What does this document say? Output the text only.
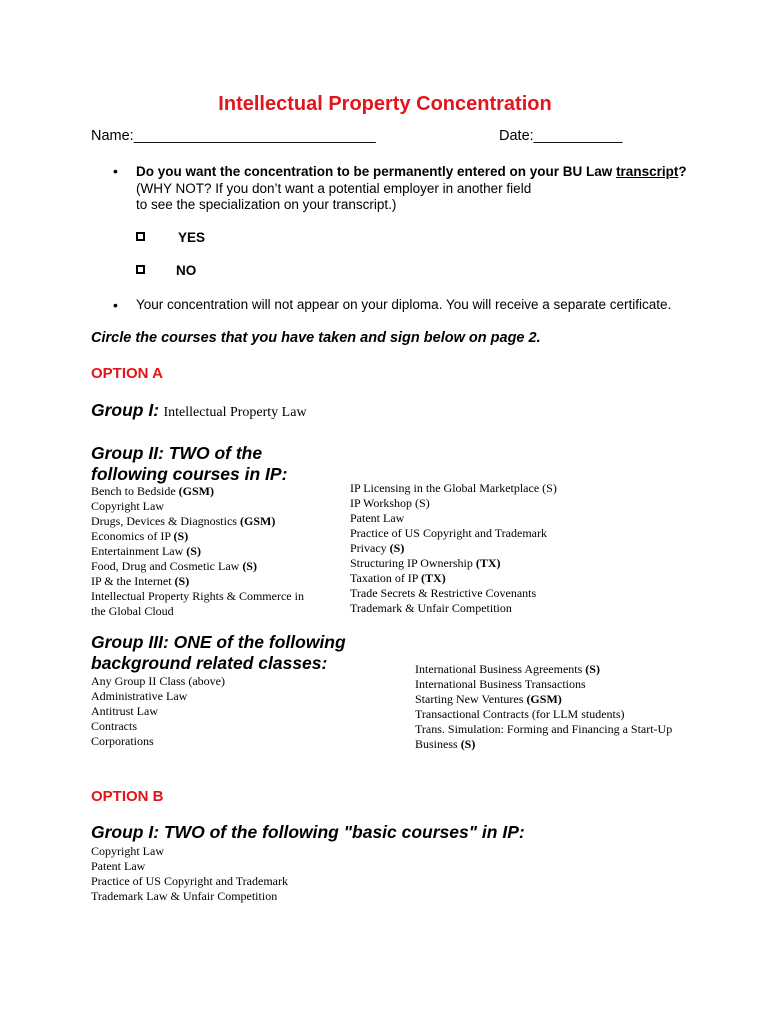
Intellectual Property Concentration
Name:______________________________	Date:___________
• Do you want the concentration to be permanently entered on your BU Law transcript?
(WHY NOT? If you don’t want a potential employer in another field
to see the specialization on your transcript.)
YES
NO
• Your concentration will not appear on your diploma. You will receive a separate certificate.
Circle the courses that you have taken and sign below on page 2.
OPTION A
Group I: Intellectual Property Law
Group II: TWO of the
following courses in IP:
Bench to Bedside (GSM)
Copyright Law
Drugs, Devices & Diagnostics (GSM)
Economics of IP (S)
Entertainment Law (S)
Food, Drug and Cosmetic Law (S)
IP & the Internet (S)
Intellectual Property Rights & Commerce in
the Global Cloud
IP Licensing in the Global Marketplace (S)
IP Workshop (S)
Patent Law
Practice of US Copyright and Trademark
Privacy (S)
Structuring IP Ownership (TX)
Taxation of IP (TX)
Trade Secrets & Restrictive Covenants
Trademark & Unfair Competition
Group III: ONE of the following
background related classes:
Any Group II Class (above)
Administrative Law
Antitrust Law
Contracts
Corporations
International Business Agreements (S)
International Business Transactions
Starting New Ventures (GSM)
Transactional Contracts (for LLM students)
Trans. Simulation: Forming and Financing a Start-Up
Business (S)
OPTION B
Group I: TWO of the following "basic courses" in IP:
Copyright Law
Patent Law
Practice of US Copyright and Trademark
Trademark Law & Unfair Competition
